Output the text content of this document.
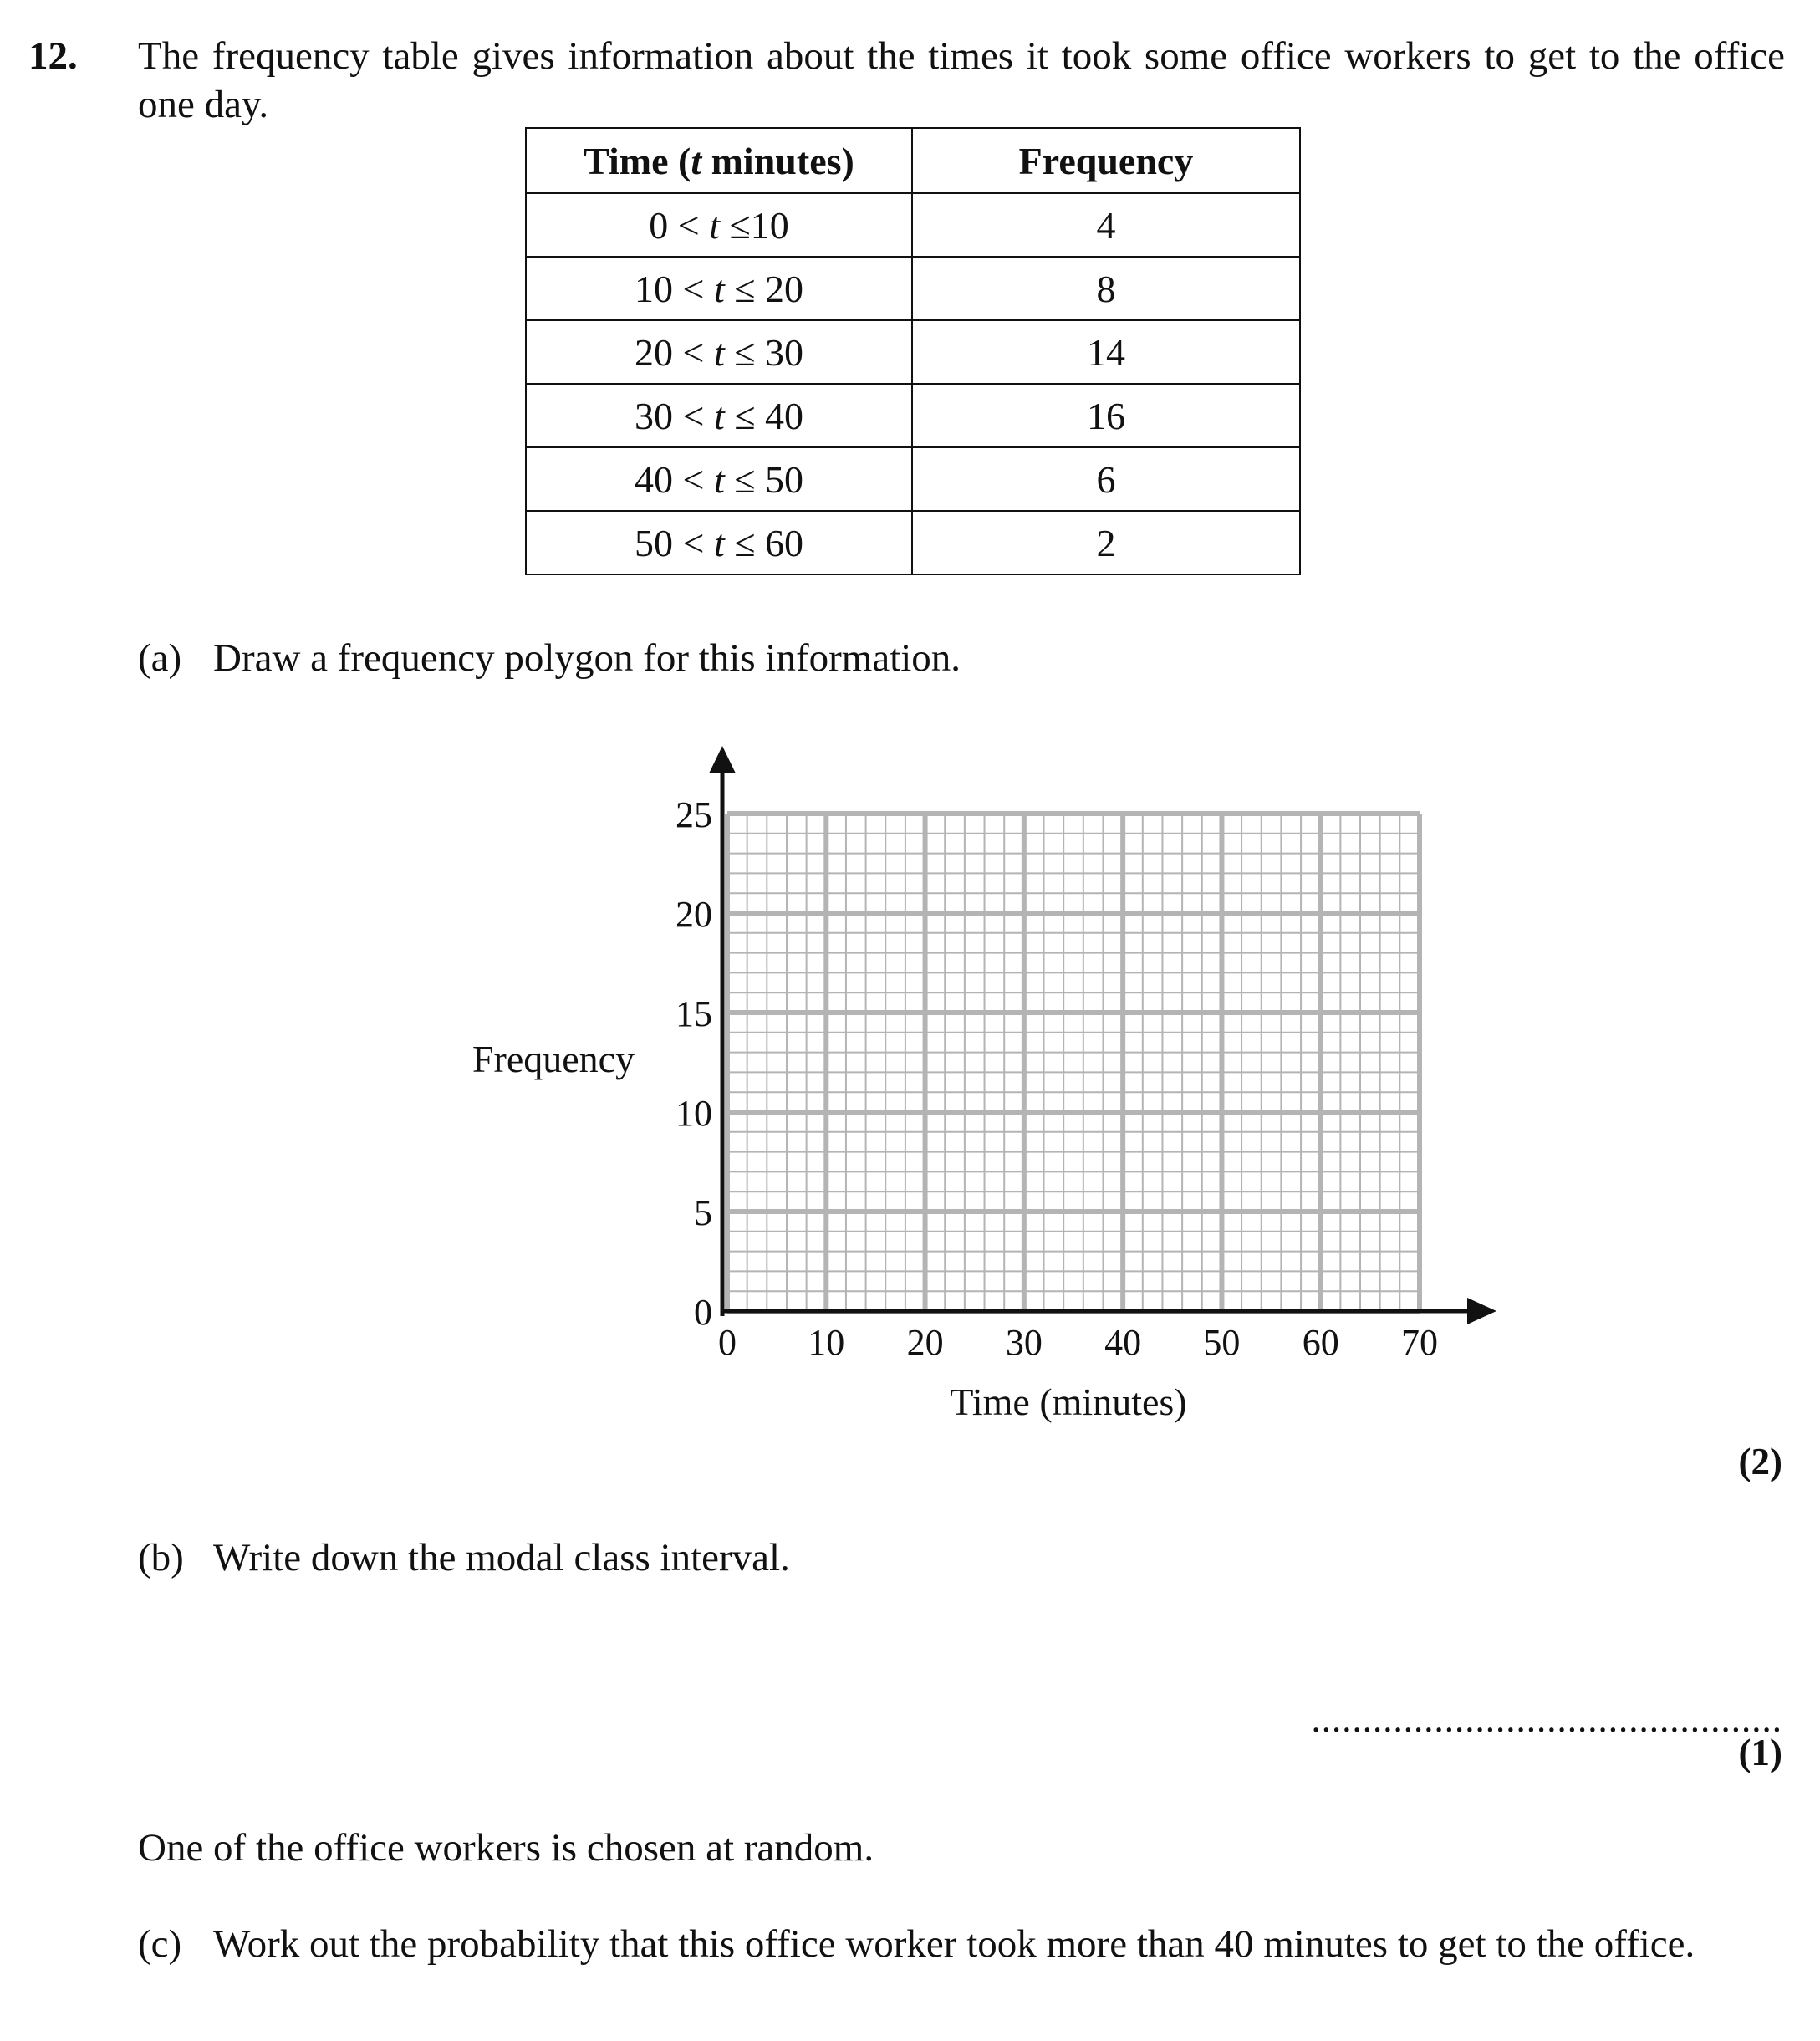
12. The frequency table gives information about the times it took some office workers to get to the office one day.
Time (t minutes)	Frequency
0 < t ≤10	4
10 < t ≤ 20	8
20 < t ≤ 30	14
30 < t ≤ 40	16
40 < t ≤ 50	6
50 < t ≤ 60	2
(a) Draw a frequency polygon for this information.
0 10 20 30 40 50 60 70
0
5
10
15
20
25
Time (minutes)
Frequency
(2)
(b) Write down the modal class interval.
..............................................
(1)
One of the office workers is chosen at random.
(c) Work out the probability that this office worker took more than 40 minutes to get to the office.
